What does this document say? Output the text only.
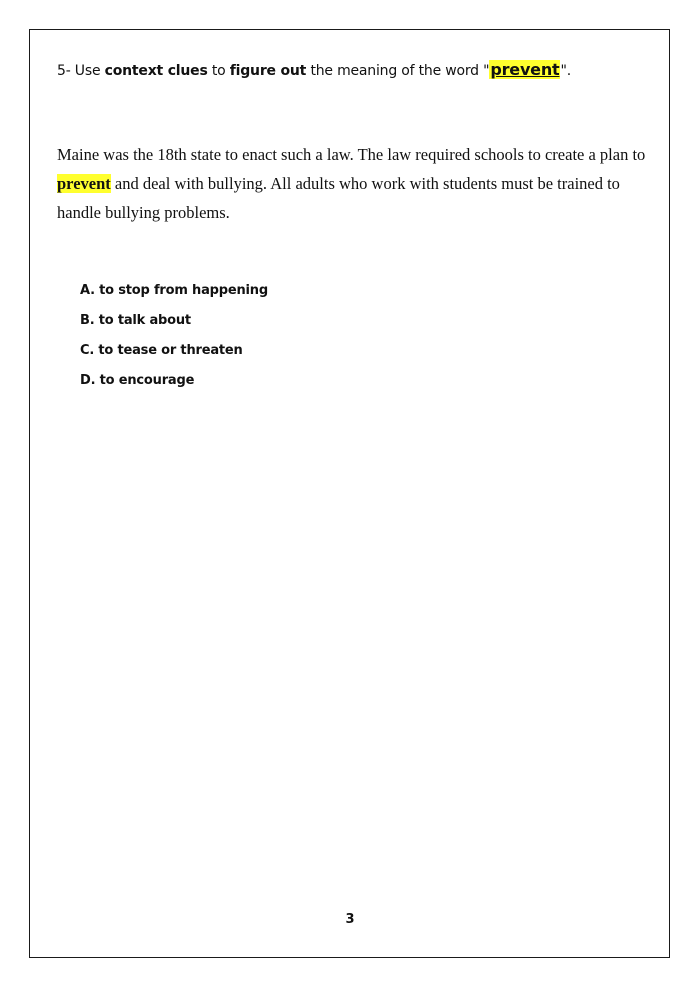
5- Use context clues to figure out the meaning of the word "prevent".
Maine was the 18th state to enact such a law. The law required schools to create a plan to prevent and deal with bullying. All adults who work with students must be trained to handle bullying problems.
A. to stop from happening
B. to talk about
C. to tease or threaten
D. to encourage
3
